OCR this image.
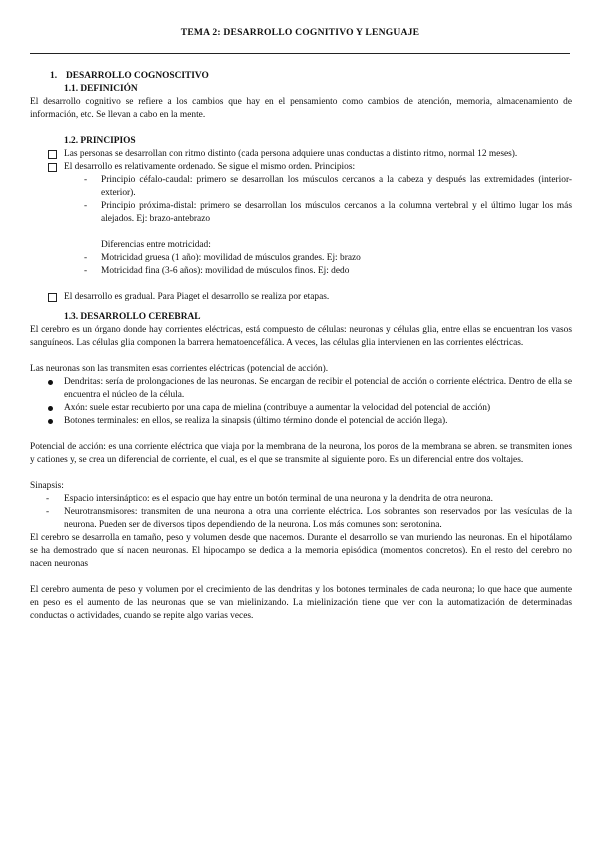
TEMA 2: DESARROLLO COGNITIVO Y LENGUAJE
1. DESARROLLO COGNOSCITIVO
1.1. DEFINICIÓN

El desarrollo cognitivo se refiere a los cambios que hay en el pensamiento como cambios de atención, memoria, almacenamiento de información, etc. Se llevan a cabo en la mente.

1.2. PRINCIPIOS
Las personas se desarrollan con ritmo distinto (cada persona adquiere unas conductas a distinto ritmo, normal 12 meses).
El desarrollo es relativamente ordenado. Se sigue el mismo orden. Principios:
- Principio céfalo-caudal: primero se desarrollan los músculos cercanos a la cabeza y después las extremidades (interior-exterior).
- Principio próxima-distal: primero se desarrollan los músculos cercanos a la columna vertebral y el último lugar los más alejados. Ej: brazo-antebrazo
Diferencias entre motricidad:
- Motricidad gruesa (1 año): movilidad de músculos grandes. Ej: brazo
- Motricidad fina (3-6 años): movilidad de músculos finos. Ej: dedo
El desarrollo es gradual. Para Piaget el desarrollo se realiza por etapas.
1.3. DESARROLLO CEREBRAL

El cerebro es un órgano donde hay corrientes eléctricas, está compuesto de células: neuronas y células glia, entre ellas se encuentran los vasos sanguíneos. Las células glia componen la barrera hematoencefálica. A veces, las células glia intervienen en las corrientes eléctricas.

Las neuronas son las transmiten esas corrientes eléctricas (potencial de acción).

Dendritas: sería de prolongaciones de las neuronas. Se encargan de recibir el potencial de acción o corriente eléctrica. Dentro de ella se encuentra el núcleo de la célula.
Axón: suele estar recubierto por una capa de mielina (contribuye a aumentar la velocidad del potencial de acción)
Botones terminales: en ellos, se realiza la sinapsis (último término donde el potencial de acción llega).

Potencial de acción: es una corriente eléctrica que viaja por la membrana de la neurona, los poros de la membrana se abren. se transmiten iones y cationes y, se crea un diferencial de corriente, el cual, es el que se transmite al siguiente poro. Es un diferencial entre dos voltajes.

Sinapsis:

- Espacio intersináptico: es el espacio que hay entre un botón terminal de una neurona y la dendrita de otra neurona.
- Neurotransmisores: transmiten de una neurona a otra una corriente eléctrica. Los sobrantes son reservados por las vesículas de la neurona. Pueden ser de diversos tipos dependiendo de la neurona. Los más comunes son: serotonina.

El cerebro se desarrolla en tamaño, peso y volumen desde que nacemos. Durante el desarrollo se van muriendo las neuronas. En el hipotálamo se ha demostrado que sí nacen neuronas. El hipocampo se dedica a la memoria episódica (momentos concretos). En el resto del cerebro no nacen neuronas

El cerebro aumenta de peso y volumen por el crecimiento de las dendritas y los botones terminales de cada neurona; lo que hace que aumente en peso es el aumento de las neuronas que se van mielinizando. La mielinización tiene que ver con la automatización de determinadas conductas o actividades, cuando se repite algo varias veces.
